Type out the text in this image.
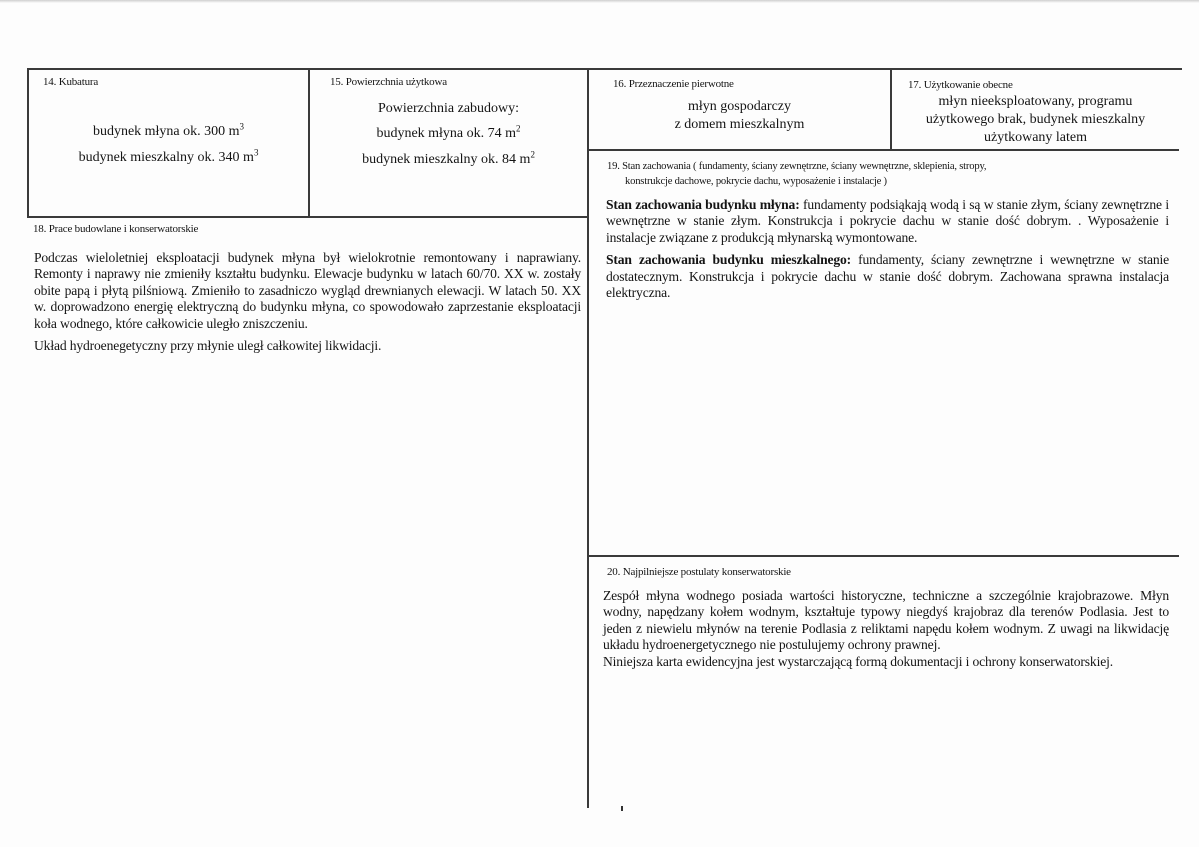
14. Kubatura
budynek młyna ok. 300 $m^3$
budynek mieszkalny ok. 340 $m^3$
15. Powierzchnia użytkowa
Powierzchnia zabudowy:
budynek młyna ok. 74 $m^2$
budynek mieszkalny ok. 84 $m^2$
16. Przeznaczenie pierwotne
młyn gospodarczy
z domem mieszkalnym
17. Użytkowanie obecne
młyn nieeksploatowany, programu
użytkowego brak, budynek mieszkalny
użytkowany latem
18. Prace budowlane i konserwatorskie

Podczas wieloletniej eksploatacji budynek młyna był wielokrotnie remontowany i naprawiany. Remonty i naprawy nie zmieniły kształtu budynku. Elewacje budynku w latach 60/70. XX w. zostały obite papą i płytą pilśniową. Zmieniło to zasadniczo wygląd drewnianych elewacji. W latach 50. XX w. doprowadzono energię elektryczną do budynku młyna, co spowodowało zaprzestanie eksploatacji koła wodnego, które całkowicie uległo zniszczeniu.

Układ hydroenegetyczny przy młynie uległ całkowitej likwidacji.

19. Stan zachowania ( fundamenty, ściany zewnętrzne, ściany wewnętrzne, sklepienia, stropy,
konstrukcje dachowe, pokrycie dachu, wyposażenie i instalacje )

Stan zachowania budynku młyna: fundamenty podsiąkają wodą i są w stanie złym, ściany zewnętrzne i wewnętrzne w stanie złym. Konstrukcja i pokrycie dachu w stanie dość dobrym. . Wyposażenie i instalacje związane z produkcją młynarską wymontowane.

Stan zachowania budynku mieszkalnego: fundamenty, ściany zewnętrzne i wewnętrzne w stanie dostatecznym. Konstrukcja i pokrycie dachu w stanie dość dobrym. Zachowana sprawna instalacja elektryczna.

20. Najpilniejsze postulaty konserwatorskie

Zespół młyna wodnego posiada wartości historyczne, techniczne a szczególnie krajobrazowe. Młyn wodny, napędzany kołem wodnym, kształtuje typowy niegdyś krajobraz dla terenów Podlasia. Jest to jeden z niewielu młynów na terenie Podlasia z reliktami napędu kołem wodnym. Z uwagi na likwidację układu hydroenergetycznego nie postulujemy ochrony prawnej.

Niniejsza karta ewidencyjna jest wystarczającą formą dokumentacji i ochrony konserwatorskiej.
